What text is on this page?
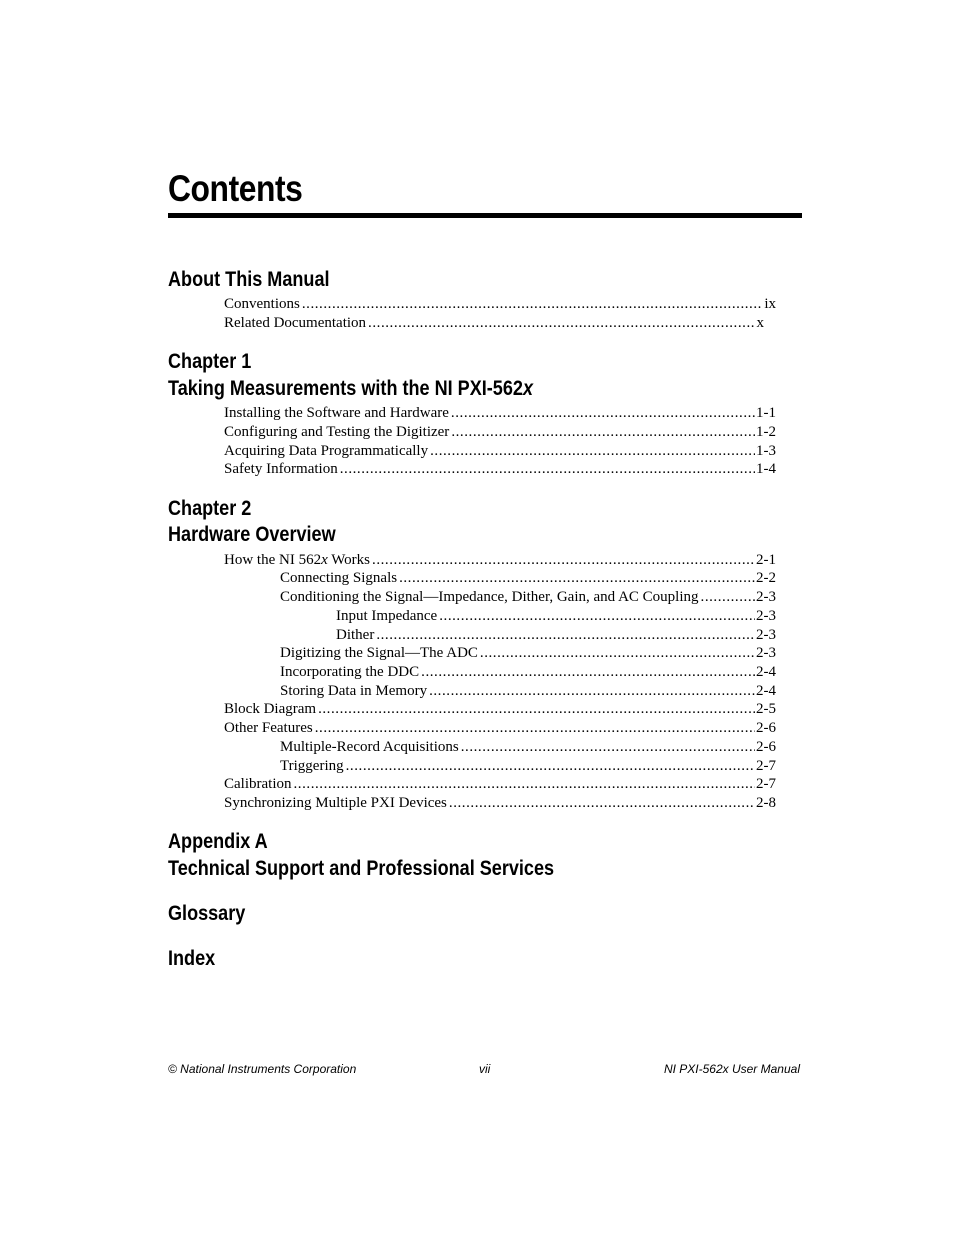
Contents
About This Manual
Conventions . . .	ix
Related Documentation . . .	x
Chapter 1
Taking Measurements with the NI PXI-562x
Installing the Software and Hardware . . .	1-1
Configuring and Testing the Digitizer . . .	1-2
Acquiring Data Programmatically . . .	1-3
Safety Information . . .	1-4
Chapter 2
Hardware Overview
How the NI 562x Works . . .	2-1
Connecting Signals . . .	2-2
Conditioning the Signal—Impedance, Dither, Gain, and AC Coupling . . .	2-3
Input Impedance . . .	2-3
Dither . . .	2-3
Digitizing the Signal—The ADC . . .	2-3
Incorporating the DDC . . .	2-4
Storing Data in Memory . . .	2-4
Block Diagram . . .	2-5
Other Features . . .	2-6
Multiple-Record Acquisitions . . .	2-6
Triggering . . .	2-7
Calibration . . .	2-7
Synchronizing Multiple PXI Devices . . .	2-8
Appendix A
Technical Support and Professional Services
Glossary
Index
© National Instruments Corporation	vii	NI PXI-562x User Manual
